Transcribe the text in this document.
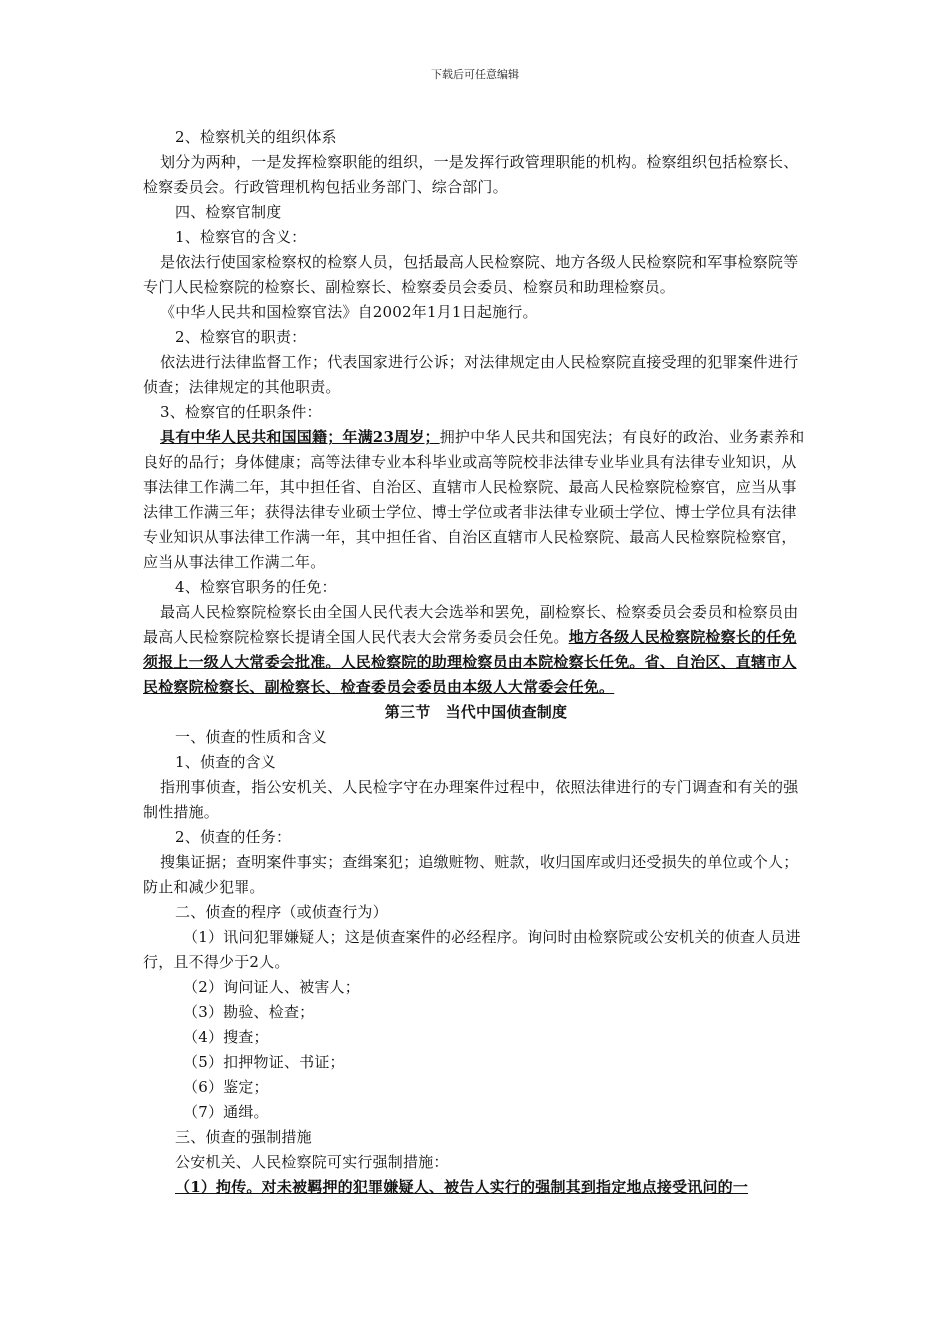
下载后可任意编辑

2、检察机关的组织体系

划分为两种，一是发挥检察职能的组织，一是发挥行政管理职能的机构。检察组织包括检察长、检察委员会。行政管理机构包括业务部门、综合部门。

四、检察官制度

1、检察官的含义：

是依法行使国家检察权的检察人员，包括最高人民检察院、地方各级人民检察院和军事检察院等专门人民检察院的检察长、副检察长、检察委员会委员、检察员和助理检察员。

《中华人民共和国检察官法》自2002年1月1日起施行。

2、检察官的职责：

依法进行法律监督工作；代表国家进行公诉；对法律规定由人民检察院直接受理的犯罪案件进行侦查；法律规定的其他职责。

3、检察官的任职条件：

具有中华人民共和国国籍；年满23周岁；拥护中华人民共和国宪法；有良好的政治、业务素养和良好的品行；身体健康；高等法律专业本科毕业或高等院校非法律专业毕业具有法律专业知识，从事法律工作满二年，其中担任省、自治区、直辖市人民检察院、最高人民检察院检察官，应当从事法律工作满三年；获得法律专业硕士学位、博士学位或者非法律专业硕士学位、博士学位具有法律专业知识从事法律工作满一年，其中担任省、自治区直辖市人民检察院、最高人民检察院检察官，应当从事法律工作满二年。

4、检察官职务的任免：

最高人民检察院检察长由全国人民代表大会选举和罢免，副检察长、检察委员会委员和检察员由最高人民检察院检察长提请全国人民代表大会常务委员会任免。地方各级人民检察院检察长的任免须报上一级人大常委会批准。人民检察院的助理检察员由本院检察长任免。省、自治区、直辖市人民检察院检察长、副检察长、检查委员会委员由本级人大常委会任免。

第三节　当代中国侦查制度

一、侦查的性质和含义

1、侦查的含义

指刑事侦查，指公安机关、人民检字守在办理案件过程中，依照法律进行的专门调查和有关的强制性措施。

2、侦查的任务：

搜集证据；查明案件事实；查缉案犯；追缴赃物、赃款，收归国库或归还受损失的单位或个人；防止和减少犯罪。

二、侦查的程序（或侦查行为）

（1）讯问犯罪嫌疑人；这是侦查案件的必经程序。询问时由检察院或公安机关的侦查人员进行，且不得少于2人。

（2）询问证人、被害人；

（3）勘验、检查；

（4）搜查；

（5）扣押物证、书证；

（6）鉴定；

（7）通缉。

三、侦查的强制措施

公安机关、人民检察院可实行强制措施：

（1）拘传。对未被羁押的犯罪嫌疑人、被告人实行的强制其到指定地点接受讯问的一
